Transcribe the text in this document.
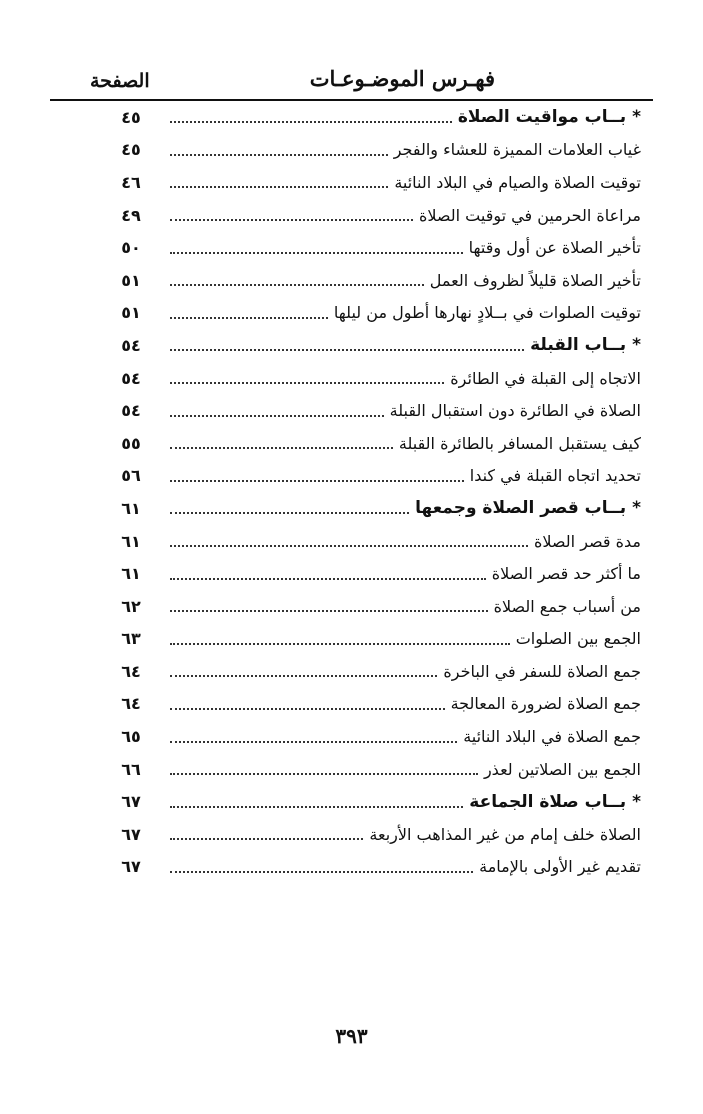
فهـرس الموضـوعـات
الصفحة
*بــاب مواقيت الصلاة
٤٥
غياب العلامات المميزة للعشاء والفجر
٤٥
توقيت الصلاة والصيام في البلاد النائية
٤٦
مراعاة الحرمين في توقيت الصلاة
٤٩
تأخير الصلاة عن أول وقتها
٥٠
تأخير الصلاة قليلاً لظروف العمل
٥١
توقيت الصلوات في بــلادٍ نهارها أطول من ليلها
٥١
*بــاب القبلة
٥٤
الاتجاه إلى القبلة في الطائرة
٥٤
الصلاة في الطائرة دون استقبال القبلة
٥٤
كيف يستقبل المسافر بالطائرة القبلة
٥٥
تحديد اتجاه القبلة في كندا
٥٦
*بــاب قصر الصلاة وجمعها
٦١
مدة قصر الصلاة
٦١
ما أكثر حد قصر الصلاة
٦١
من أسباب جمع الصلاة
٦٢
الجمع بين الصلوات
٦٣
جمع الصلاة للسفر في الباخرة
٦٤
جمع الصلاة لضرورة المعالجة
٦٤
جمع الصلاة في البلاد النائية
٦٥
الجمع بين الصلاتين لعذر
٦٦
*بــاب صلاة الجماعة
٦٧
الصلاة خلف إمام من غير المذاهب الأربعة
٦٧
تقديم غير الأولى بالإمامة
٦٧
٣٩٣
